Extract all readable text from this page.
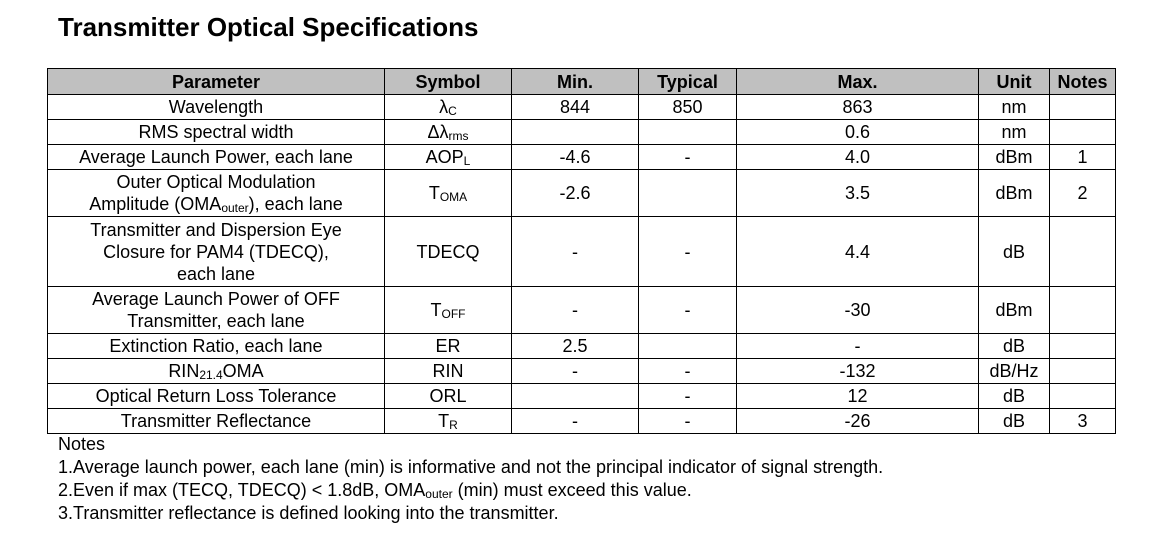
Transmitter Optical Specifications
Parameter	Symbol	Min.	Typical	Max.	Unit	Notes
Wavelength	$\lambda_C$	844	850	863	nm	
RMS spectral width	$\Delta\lambda_{rms}$			0.6	nm	
Average Launch Power, each lane	$AOP_L$	-4.6	-	4.0	dBm	1
Outer Optical Modulation
Amplitude $(OMA_{outer})$, each lane	$T_{OMA}$	-2.6		3.5	dBm	2
Transmitter and Dispersion Eye
Closure for PAM4 (TDECQ),
each lane	TDECQ	-	-	4.4	dB	
Average Launch Power of OFF
Transmitter, each lane	$T_{OFF}$	-	-	-30	dBm	
Extinction Ratio, each lane	ER	2.5		-	dB	
$RIN_{21.4}OMA$	RIN	-	-	-132	dB/Hz	
Optical Return Loss Tolerance	ORL		-	12	dB	
Transmitter Reflectance	$T_R$	-	-	-26	dB	3
Notes
1.Average launch power, each lane (min) is informative and not the principal indicator of signal strength.
2.Even if max (TECQ, TDECQ) < 1.8dB, $OMA_{outer}$ (min) must exceed this value.
3.Transmitter reflectance is defined looking into the transmitter.
